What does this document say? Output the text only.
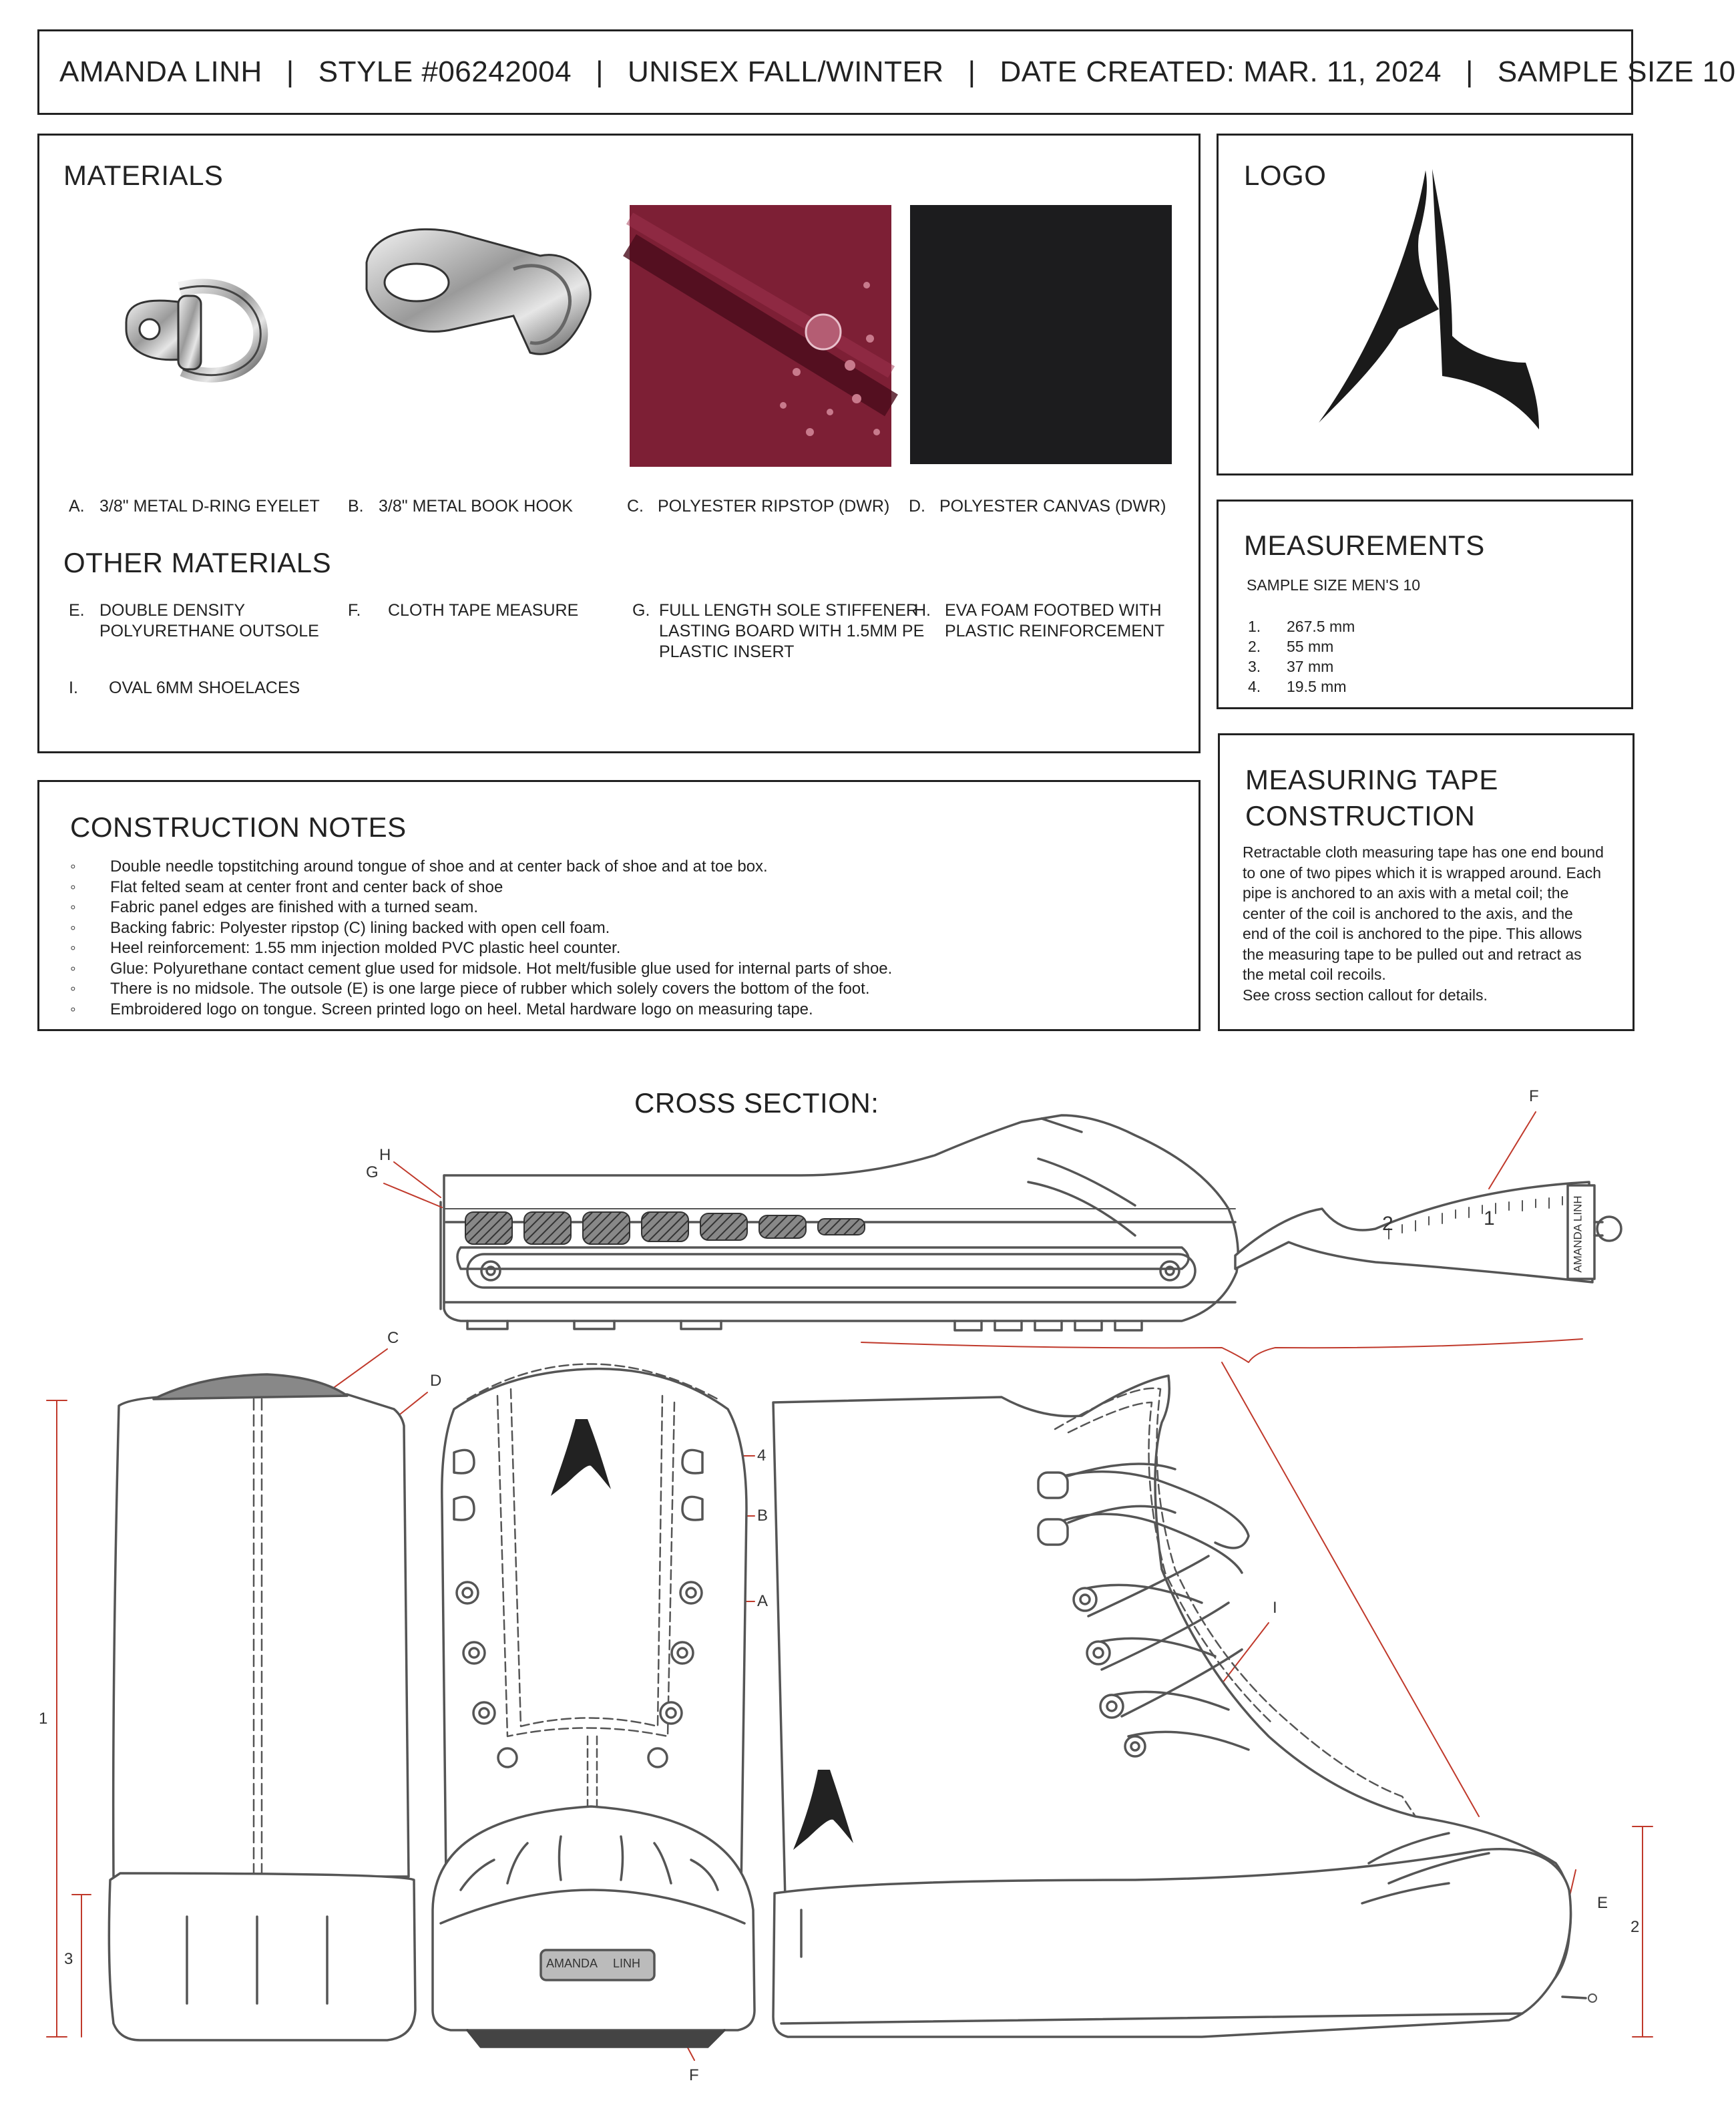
AMANDA LINH | STYLE #06242004 | UNISEX FALL/WINTER | DATE CREATED: MAR. 11, 2024 | SAMPLE SIZE 10
MATERIALS
A. 3/8" METAL D-RING EYELET B. 3/8" METAL BOOK HOOK	C. POLYESTER RIPSTOP (DWR) D. POLYESTER CANVAS (DWR)
OTHER MATERIALS
E. DOUBLE DENSITY
POLYURETHANE OUTSOLE
F. CLOTH TAPE MEASURE	G. FULL LENGTH SOLE STIFFENER
LASTING BOARD WITH 1.5MM PE
PLASTIC INSERT
H. EVA FOAM FOOTBED WITH
PLASTIC REINFORCEMENT
I. OVAL 6MM SHOELACES
LOGO
MEASUREMENTS
SAMPLE SIZE MEN'S 10
1. 267.5 mm
2. 55 mm
3. 37 mm
4. 19.5 mm
CONSTRUCTION NOTES
◦ Double needle topstitching around tongue of shoe and at center back of shoe and at toe box.
◦ Flat felted seam at center front and center back of shoe
◦ Fabric panel edges are finished with a turned seam.
◦ Backing fabric: Polyester ripstop (C) lining backed with open cell foam.
◦ Heel reinforcement: 1.55 mm injection molded PVC plastic heel counter.
◦ Glue: Polyurethane contact cement glue used for midsole. Hot melt/fusible glue used for internal parts of shoe.
◦ There is no midsole. The outsole (E) is one large piece of rubber which solely covers the bottom of the foot.
◦ Embroidered logo on tongue. Screen printed logo on heel. Metal hardware logo on measuring tape.
MEASURING TAPE
CONSTRUCTION
Retractable cloth measuring tape has one end bound
to one of two pipes which it is wrapped around. Each
pipe is anchored to an axis with a metal coil; the
center of the coil is anchored to the axis, and the
end of the coil is anchored to the pipe. This allows
the measuring tape to be pulled out and retract as
the metal coil recoils.
See cross section callout for details.
CROSS SECTION:	F
H
G
C
D
4
B
A	I
1
3
E
2
F
1
2	AMANDA LINH
AMANDA LINH
